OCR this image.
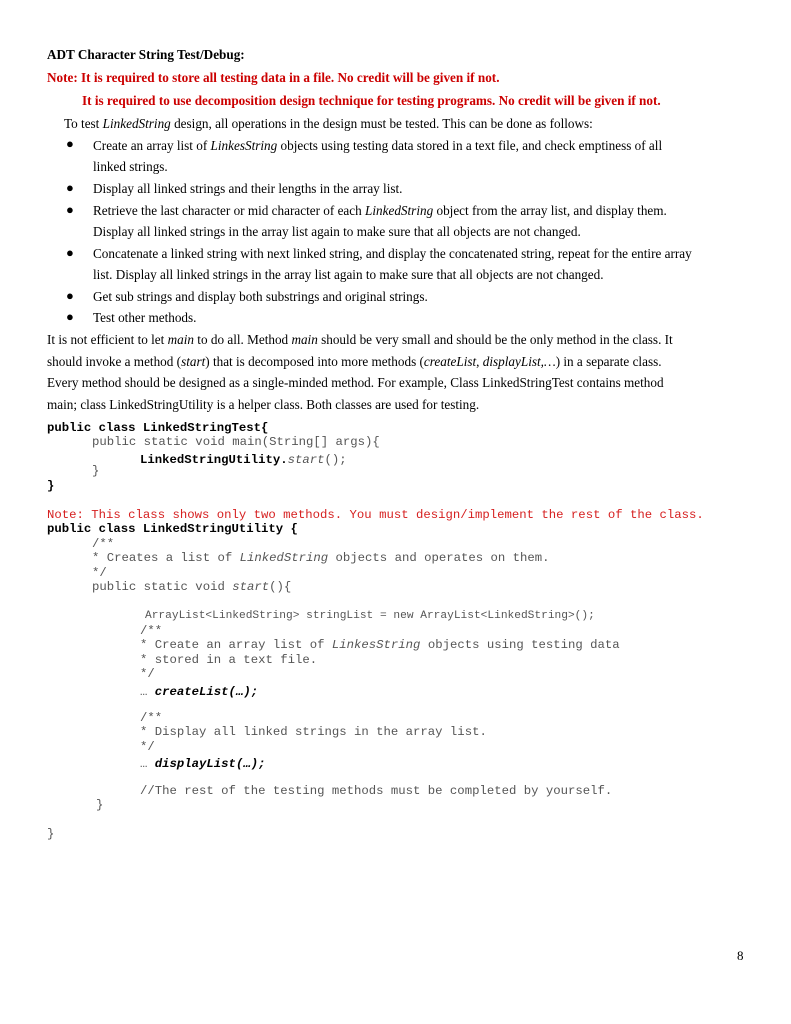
ADT Character String Test/Debug:
Note: It is required to store all testing data in a file. No credit will be given if not.
It is required to use decomposition design technique for testing programs. No credit will be given if not.
To test LinkedString design, all operations in the design must be tested. This can be done as follows:
● Create an array list of LinkesString objects using testing data stored in a text file, and check emptiness of all
linked strings.
● Display all linked strings and their lengths in the array list.
● Retrieve the last character or mid character of each LinkedString object from the array list, and display them.
Display all linked strings in the array list again to make sure that all objects are not changed.
● Concatenate a linked string with next linked string, and display the concatenated string, repeat for the entire array
list. Display all linked strings in the array list again to make sure that all objects are not changed.
● Get sub strings and display both substrings and original strings.
● Test other methods.
It is not efficient to let main to do all. Method main should be very small and should be the only method in the class. It
should invoke a method (start) that is decomposed into more methods (createList, displayList,…) in a separate class.
Every method should be designed as a single-minded method. For example, Class LinkedStringTest contains method
main; class LinkedStringUtility is a helper class. Both classes are used for testing.
public class LinkedStringTest{
public static void main(String[] args){
LinkedStringUtility.start();
}
}
Note: This class shows only two methods. You must design/implement the rest of the class.
public class LinkedStringUtility {
/**
* Creates a list of LinkedString objects and operates on them.
*/
public static void start(){
ArrayList<LinkedString> stringList = new ArrayList<LinkedString>();
/**
* Create an array list of LinkesString objects using testing data
* stored in a text file.
*/
… createList(…);
/**
* Display all linked strings in the array list.
*/
… displayList(…);
//The rest of the testing methods must be completed by yourself.
}
}
8
